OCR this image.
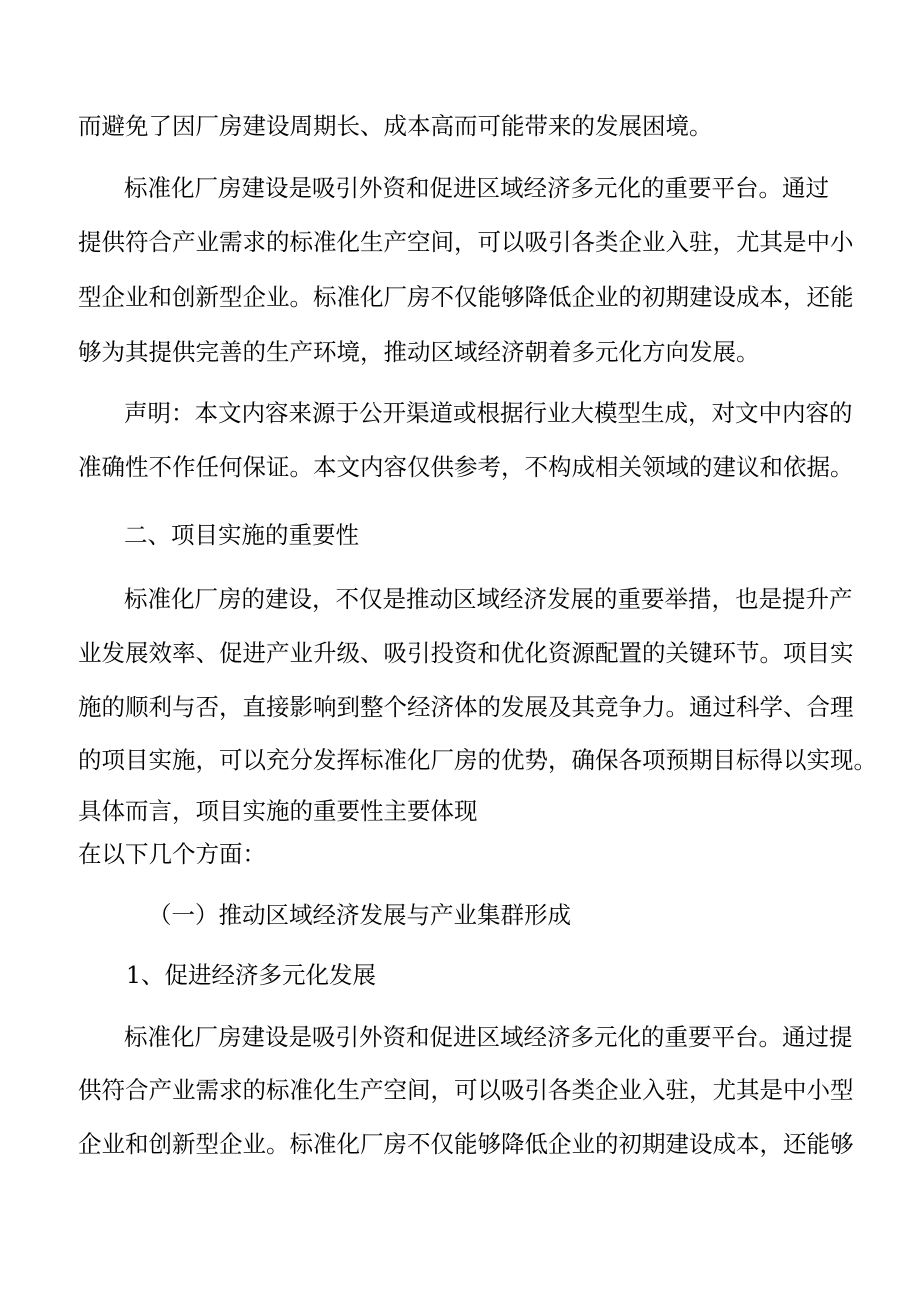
而避免了因厂房建设周期长、成本高而可能带来的发展困境。
标准化厂房建设是吸引外资和促进区域经济多元化的重要平台。通过
提供符合产业需求的标准化生产空间，可以吸引各类企业入驻，尤其是中小
型企业和创新型企业。标准化厂房不仅能够降低企业的初期建设成本，还能
够为其提供完善的生产环境，推动区域经济朝着多元化方向发展。
声明：本文内容来源于公开渠道或根据行业大模型生成，对文中内容的
准确性不作任何保证。本文内容仅供参考，不构成相关领域的建议和依据。
二、项目实施的重要性
标准化厂房的建设，不仅是推动区域经济发展的重要举措，也是提升产
业发展效率、促进产业升级、吸引投资和优化资源配置的关键环节。项目实
施的顺利与否，直接影响到整个经济体的发展及其竞争力。通过科学、合理
的项目实施，可以充分发挥标准化厂房的优势，确保各项预期目标得以实现。
具体而言，项目实施的重要性主要体现
在以下几个方面：
（一）推动区域经济发展与产业集群形成
1、促进经济多元化发展
标准化厂房建设是吸引外资和促进区域经济多元化的重要平台。通过提
供符合产业需求的标准化生产空间，可以吸引各类企业入驻，尤其是中小型
企业和创新型企业。标准化厂房不仅能够降低企业的初期建设成本，还能够
